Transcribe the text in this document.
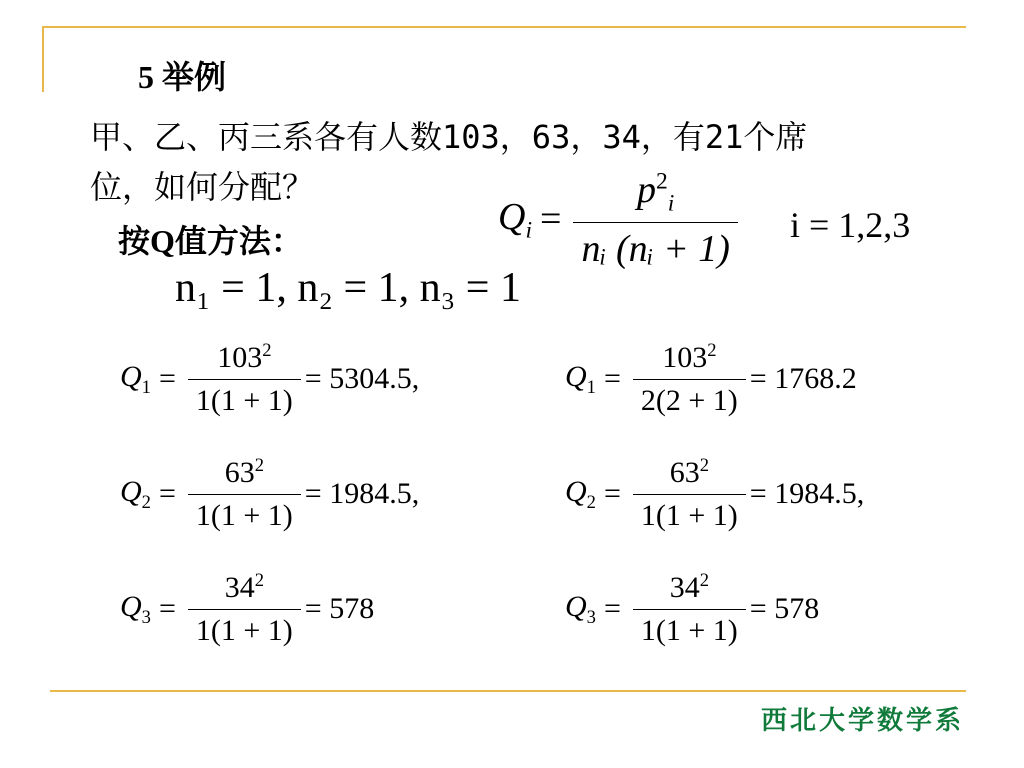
5 举例
甲、乙、丙三系各有人数103，63，34，有21个席
位，如何分配？
按Q值方法：
n₁ = 1, n₂ = 1, n₃ = 1
$Q_i = \frac{p^2_i}{\text{nᵢ (nᵢ + 1)}}$ i = 1,2,3
$Q_1 = \frac{103^2}{1(1 + 1)} = 5304.5$,	$Q_1 = \frac{103^2}{2(2 + 1)} = 1768.2$
$Q_2 = \frac{63^2}{1(1 + 1)} = 1984.5$,	$Q_2 = \frac{63^2}{1(1 + 1)} = 1984.5$,
$Q_3 = \frac{34^2}{1(1 + 1)} = 578$	$Q_3 = \frac{34^2}{1(1 + 1)} = 578$
西北大学数学系
